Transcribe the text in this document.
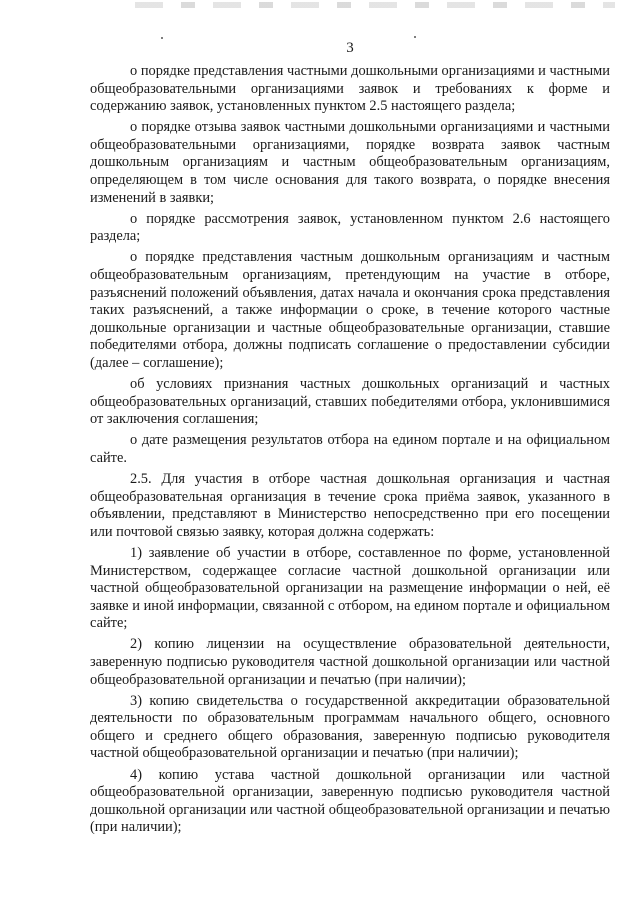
3

о порядке представления частными дошкольными организациями и частными общеобразовательными организациями заявок и требованиях к форме и содержанию заявок, установленных пунктом 2.5 настоящего раздела;

о порядке отзыва заявок частными дошкольными организациями и частными общеобразовательными организациями, порядке возврата заявок частным дошкольным организациям и частным общеобразовательным организациям, определяющем в том числе основания для такого возврата, о порядке внесения изменений в заявки;

о порядке рассмотрения заявок, установленном пунктом 2.6 настоящего раздела;

о порядке представления частным дошкольным организациям и частным общеобразовательным организациям, претендующим на участие в отборе, разъяснений положений объявления, датах начала и окончания срока представления таких разъяснений, а также информации о сроке, в течение которого частные дошкольные организации и частные общеобразовательные организации, ставшие победителями отбора, должны подписать соглашение о предоставлении субсидии (далее – соглашение);

об условиях признания частных дошкольных организаций и частных общеобразовательных организаций, ставших победителями отбора, уклонившимися от заключения соглашения;

о дате размещения результатов отбора на едином портале и на официальном сайте.

2.5. Для участия в отборе частная дошкольная организация и частная общеобразовательная организация в течение срока приёма заявок, указанного в объявлении, представляют в Министерство непосредственно при его посещении или почтовой связью заявку, которая должна содержать:

1) заявление об участии в отборе, составленное по форме, установленной Министерством, содержащее согласие частной дошкольной организации или частной общеобразовательной организации на размещение информации о ней, её заявке и иной информации, связанной с отбором, на едином портале и официальном сайте;

2) копию лицензии на осуществление образовательной деятельности, заверенную подписью руководителя частной дошкольной организации или частной общеобразовательной организации и печатью (при наличии);

3) копию свидетельства о государственной аккредитации образовательной деятельности по образовательным программам начального общего, основного общего и среднего общего образования, заверенную подписью руководителя частной общеобразовательной организации и печатью (при наличии);

4) копию устава частной дошкольной организации или частной общеобразовательной организации, заверенную подписью руководителя частной дошкольной организации или частной общеобразовательной организации и печатью (при наличии);
